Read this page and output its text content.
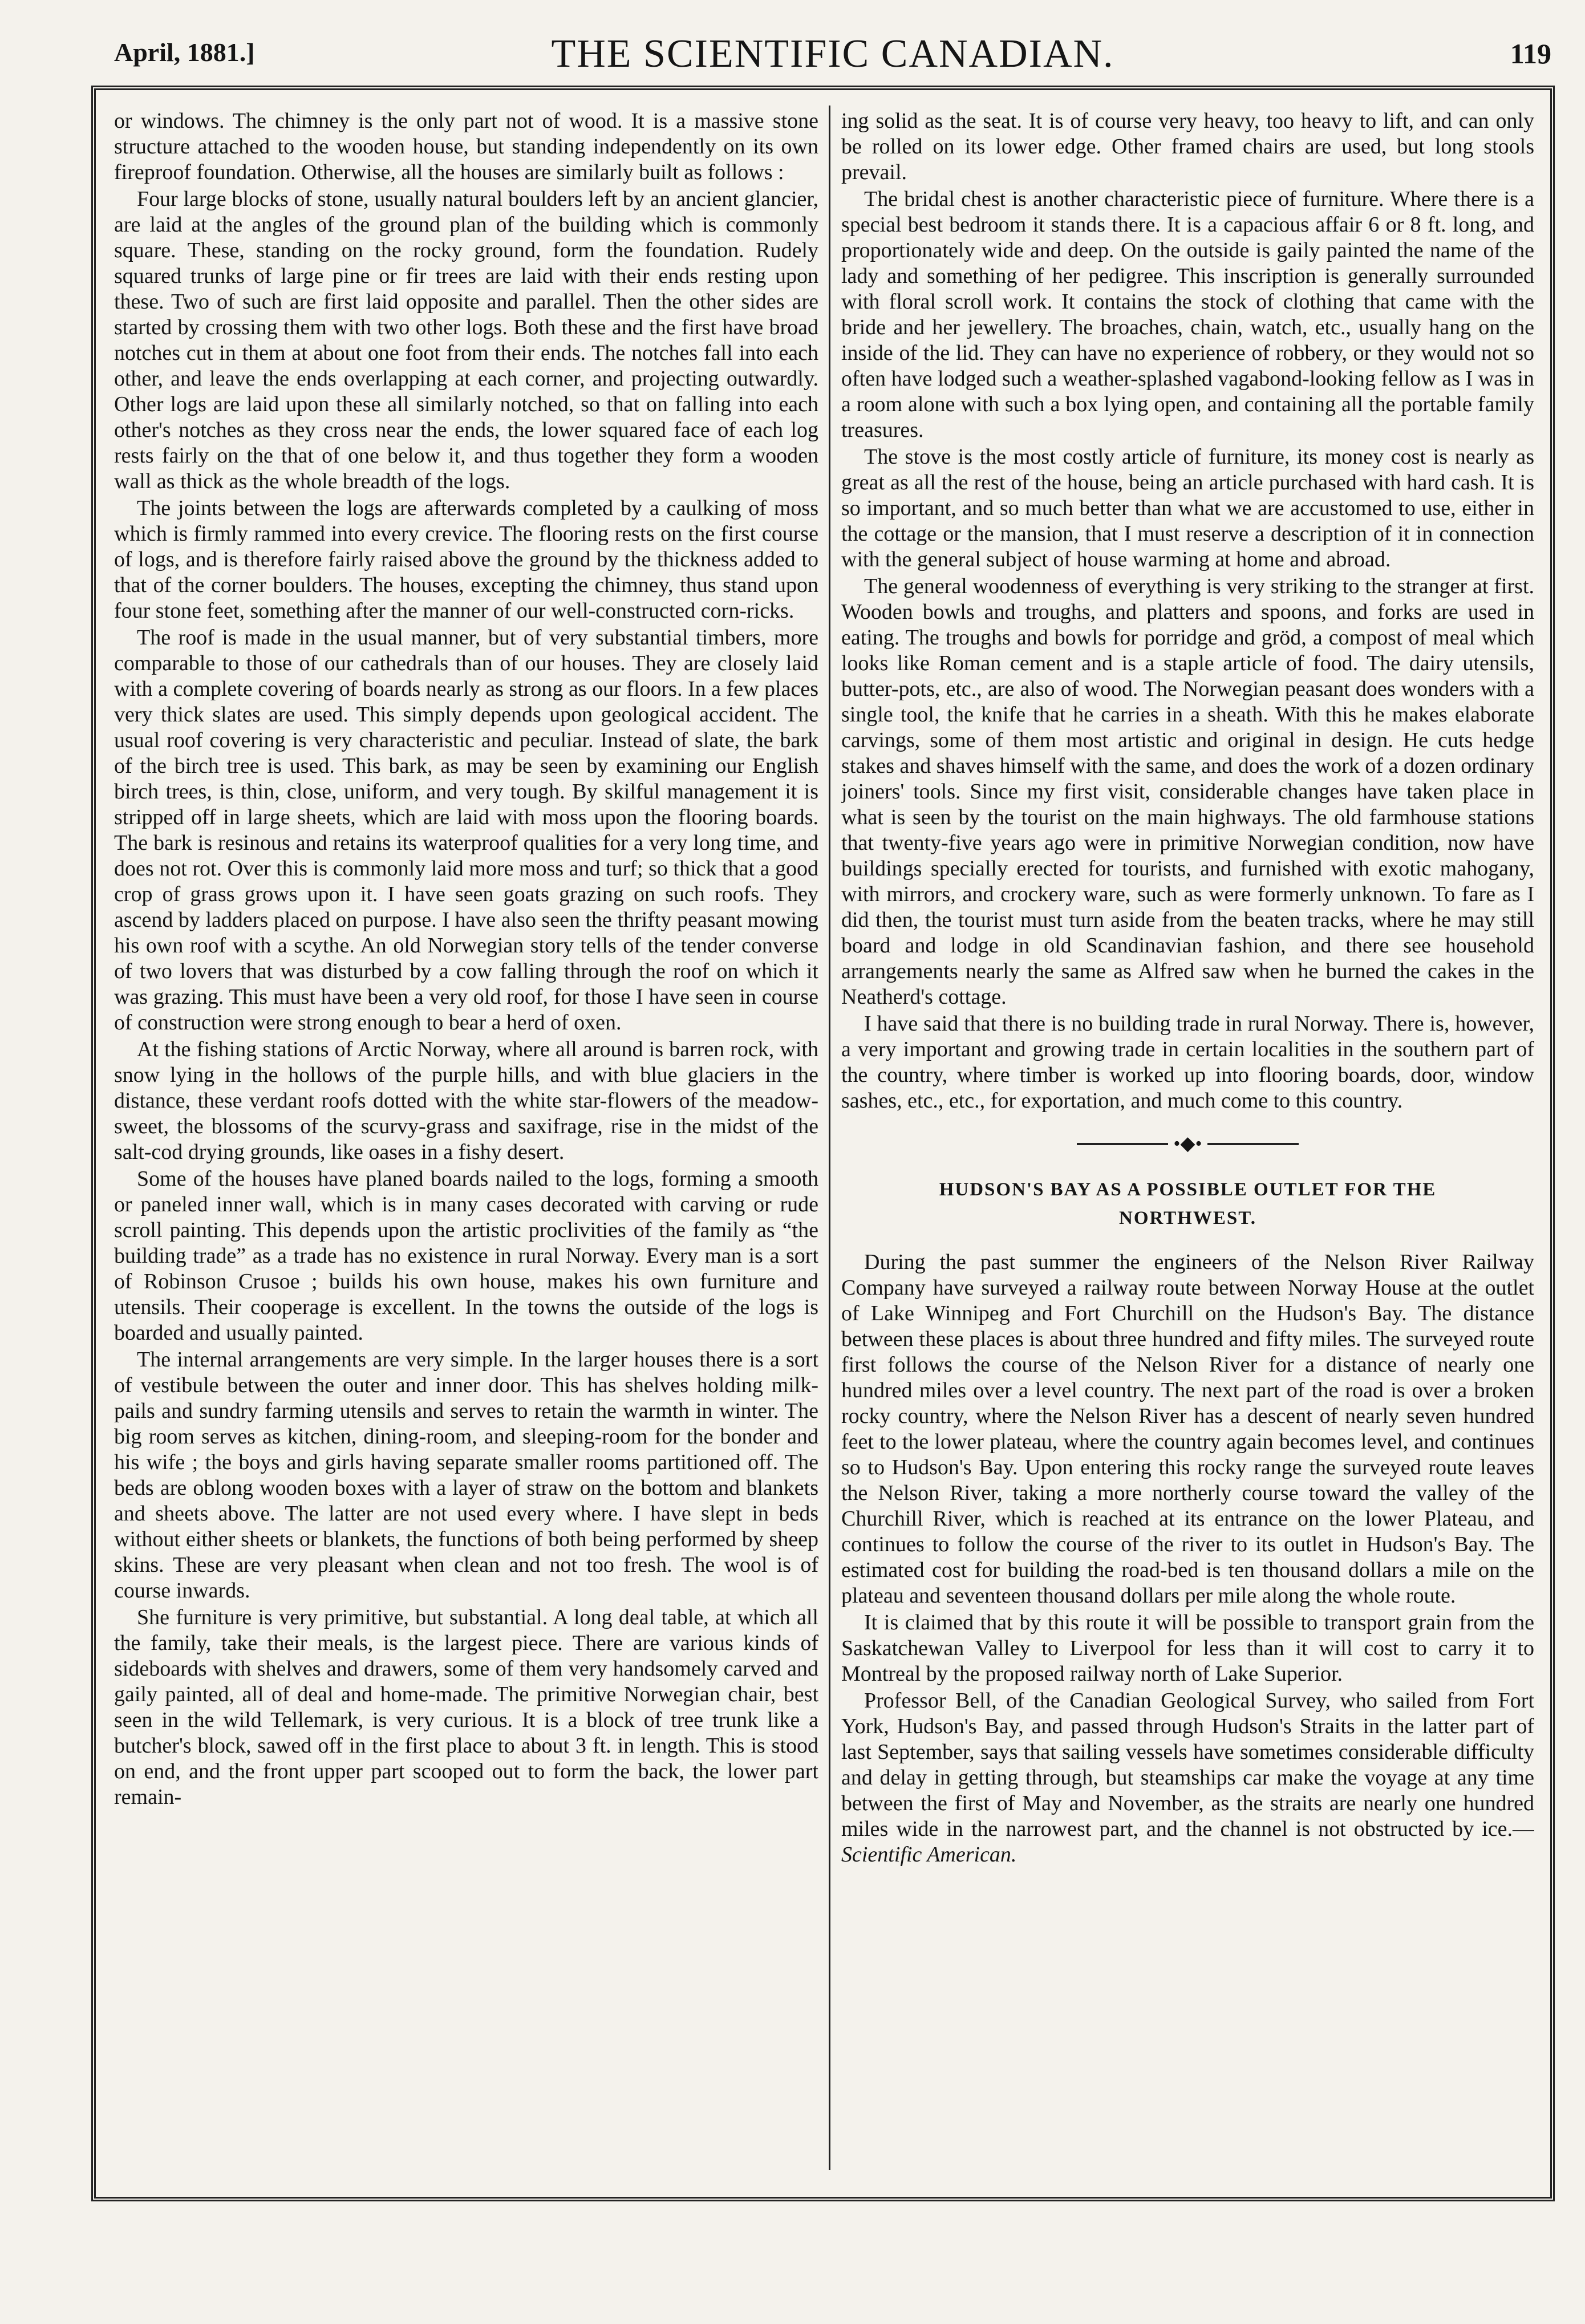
April, 1881.]	THE SCIENTIFIC CANADIAN.	119

or windows. The chimney is the only part not of wood. It is a massive stone structure attached to the wooden house, but standing independently on its own fireproof foundation. Otherwise, all the houses are similarly built as follows :

Four large blocks of stone, usually natural boulders left by an ancient glancier, are laid at the angles of the ground plan of the building which is commonly square. These, standing on the rocky ground, form the foundation. Rudely squared trunks of large pine or fir trees are laid with their ends resting upon these. Two of such are first laid opposite and parallel. Then the other sides are started by crossing them with two other logs. Both these and the first have broad notches cut in them at about one foot from their ends. The notches fall into each other, and leave the ends overlapping at each corner, and projecting outwardly. Other logs are laid upon these all similarly notched, so that on falling into each other's notches as they cross near the ends, the lower squared face of each log rests fairly on the that of one below it, and thus together they form a wooden wall as thick as the whole breadth of the logs.

The joints between the logs are afterwards completed by a caulking of moss which is firmly rammed into every crevice. The flooring rests on the first course of logs, and is therefore fairly raised above the ground by the thickness added to that of the corner boulders. The houses, excepting the chimney, thus stand upon four stone feet, something after the manner of our well-constructed corn-ricks.

The roof is made in the usual manner, but of very substantial timbers, more comparable to those of our cathedrals than of our houses. They are closely laid with a complete covering of boards nearly as strong as our floors. In a few places very thick slates are used. This simply depends upon geological accident. The usual roof covering is very characteristic and peculiar. Instead of slate, the bark of the birch tree is used. This bark, as may be seen by examining our English birch trees, is thin, close, uniform, and very tough. By skilful management it is stripped off in large sheets, which are laid with moss upon the flooring boards. The bark is resinous and retains its waterproof qualities for a very long time, and does not rot. Over this is commonly laid more moss and turf; so thick that a good crop of grass grows upon it. I have seen goats grazing on such roofs. They ascend by ladders placed on purpose. I have also seen the thrifty peasant mowing his own roof with a scythe. An old Norwegian story tells of the tender converse of two lovers that was disturbed by a cow falling through the roof on which it was grazing. This must have been a very old roof, for those I have seen in course of construction were strong enough to bear a herd of oxen.

At the fishing stations of Arctic Norway, where all around is barren rock, with snow lying in the hollows of the purple hills, and with blue glaciers in the distance, these verdant roofs dotted with the white star-flowers of the meadow-sweet, the blossoms of the scurvy-grass and saxifrage, rise in the midst of the salt-cod drying grounds, like oases in a fishy desert.

Some of the houses have planed boards nailed to the logs, forming a smooth or paneled inner wall, which is in many cases decorated with carving or rude scroll painting. This depends upon the artistic proclivities of the family as “the building trade” as a trade has no existence in rural Norway. Every man is a sort of Robinson Crusoe ; builds his own house, makes his own furniture and utensils. Their cooperage is excellent. In the towns the outside of the logs is boarded and usually painted.

The internal arrangements are very simple. In the larger houses there is a sort of vestibule between the outer and inner door. This has shelves holding milk-pails and sundry farming utensils and serves to retain the warmth in winter. The big room serves as kitchen, dining-room, and sleeping-room for the bonder and his wife ; the boys and girls having separate smaller rooms partitioned off. The beds are oblong wooden boxes with a layer of straw on the bottom and blankets and sheets above. The latter are not used every where. I have slept in beds without either sheets or blankets, the functions of both being performed by sheep skins. These are very pleasant when clean and not too fresh. The wool is of course inwards.

She furniture is very primitive, but substantial. A long deal table, at which all the family, take their meals, is the largest piece. There are various kinds of sideboards with shelves and drawers, some of them very handsomely carved and gaily painted, all of deal and home-made. The primitive Norwegian chair, best seen in the wild Tellemark, is very curious. It is a block of tree trunk like a butcher's block, sawed off in the first place to about 3 ft. in length. This is stood on end, and the front upper part scooped out to form the back, the lower part remain-

ing solid as the seat. It is of course very heavy, too heavy to lift, and can only be rolled on its lower edge. Other framed chairs are used, but long stools prevail.

The bridal chest is another characteristic piece of furniture. Where there is a special best bedroom it stands there. It is a capacious affair 6 or 8 ft. long, and proportionately wide and deep. On the outside is gaily painted the name of the lady and something of her pedigree. This inscription is generally surrounded with floral scroll work. It contains the stock of clothing that came with the bride and her jewellery. The broaches, chain, watch, etc., usually hang on the inside of the lid. They can have no experience of robbery, or they would not so often have lodged such a weather-splashed vagabond-looking fellow as I was in a room alone with such a box lying open, and containing all the portable family treasures.

The stove is the most costly article of furniture, its money cost is nearly as great as all the rest of the house, being an article purchased with hard cash. It is so important, and so much better than what we are accustomed to use, either in the cottage or the mansion, that I must reserve a description of it in connection with the general subject of house warming at home and abroad.

The general woodenness of everything is very striking to the stranger at first. Wooden bowls and troughs, and platters and spoons, and forks are used in eating. The troughs and bowls for porridge and gröd, a compost of meal which looks like Roman cement and is a staple article of food. The dairy utensils, butter-pots, etc., are also of wood. The Norwegian peasant does wonders with a single tool, the knife that he carries in a sheath. With this he makes elaborate carvings, some of them most artistic and original in design. He cuts hedge stakes and shaves himself with the same, and does the work of a dozen ordinary joiners' tools. Since my first visit, considerable changes have taken place in what is seen by the tourist on the main highways. The old farmhouse stations that twenty-five years ago were in primitive Norwegian condition, now have buildings specially erected for tourists, and furnished with exotic mahogany, with mirrors, and crockery ware, such as were formerly unknown. To fare as I did then, the tourist must turn aside from the beaten tracks, where he may still board and lodge in old Scandinavian fashion, and there see household arrangements nearly the same as Alfred saw when he burned the cakes in the Neatherd's cottage.

I have said that there is no building trade in rural Norway. There is, however, a very important and growing trade in certain localities in the southern part of the country, where timber is worked up into flooring boards, door, window sashes, etc., etc., for exportation, and much come to this country.

•◆•
HUDSON'S BAY AS A POSSIBLE OUTLET FOR THE
NORTHWEST.

During the past summer the engineers of the Nelson River Railway Company have surveyed a railway route between Norway House at the outlet of Lake Winnipeg and Fort Churchill on the Hudson's Bay. The distance between these places is about three hundred and fifty miles. The surveyed route first follows the course of the Nelson River for a distance of nearly one hundred miles over a level country. The next part of the road is over a broken rocky country, where the Nelson River has a descent of nearly seven hundred feet to the lower plateau, where the country again becomes level, and continues so to Hudson's Bay. Upon entering this rocky range the surveyed route leaves the Nelson River, taking a more northerly course toward the valley of the Churchill River, which is reached at its entrance on the lower Plateau, and continues to follow the course of the river to its outlet in Hudson's Bay. The estimated cost for building the road-bed is ten thousand dollars a mile on the plateau and seventeen thousand dollars per mile along the whole route.

It is claimed that by this route it will be possible to transport grain from the Saskatchewan Valley to Liverpool for less than it will cost to carry it to Montreal by the proposed railway north of Lake Superior.

Professor Bell, of the Canadian Geological Survey, who sailed from Fort York, Hudson's Bay, and passed through Hudson's Straits in the latter part of last September, says that sailing vessels have sometimes considerable difficulty and delay in getting through, but steamships car make the voyage at any time between the first of May and November, as the straits are nearly one hundred miles wide in the narrowest part, and the channel is not obstructed by ice.—Scientific American.
